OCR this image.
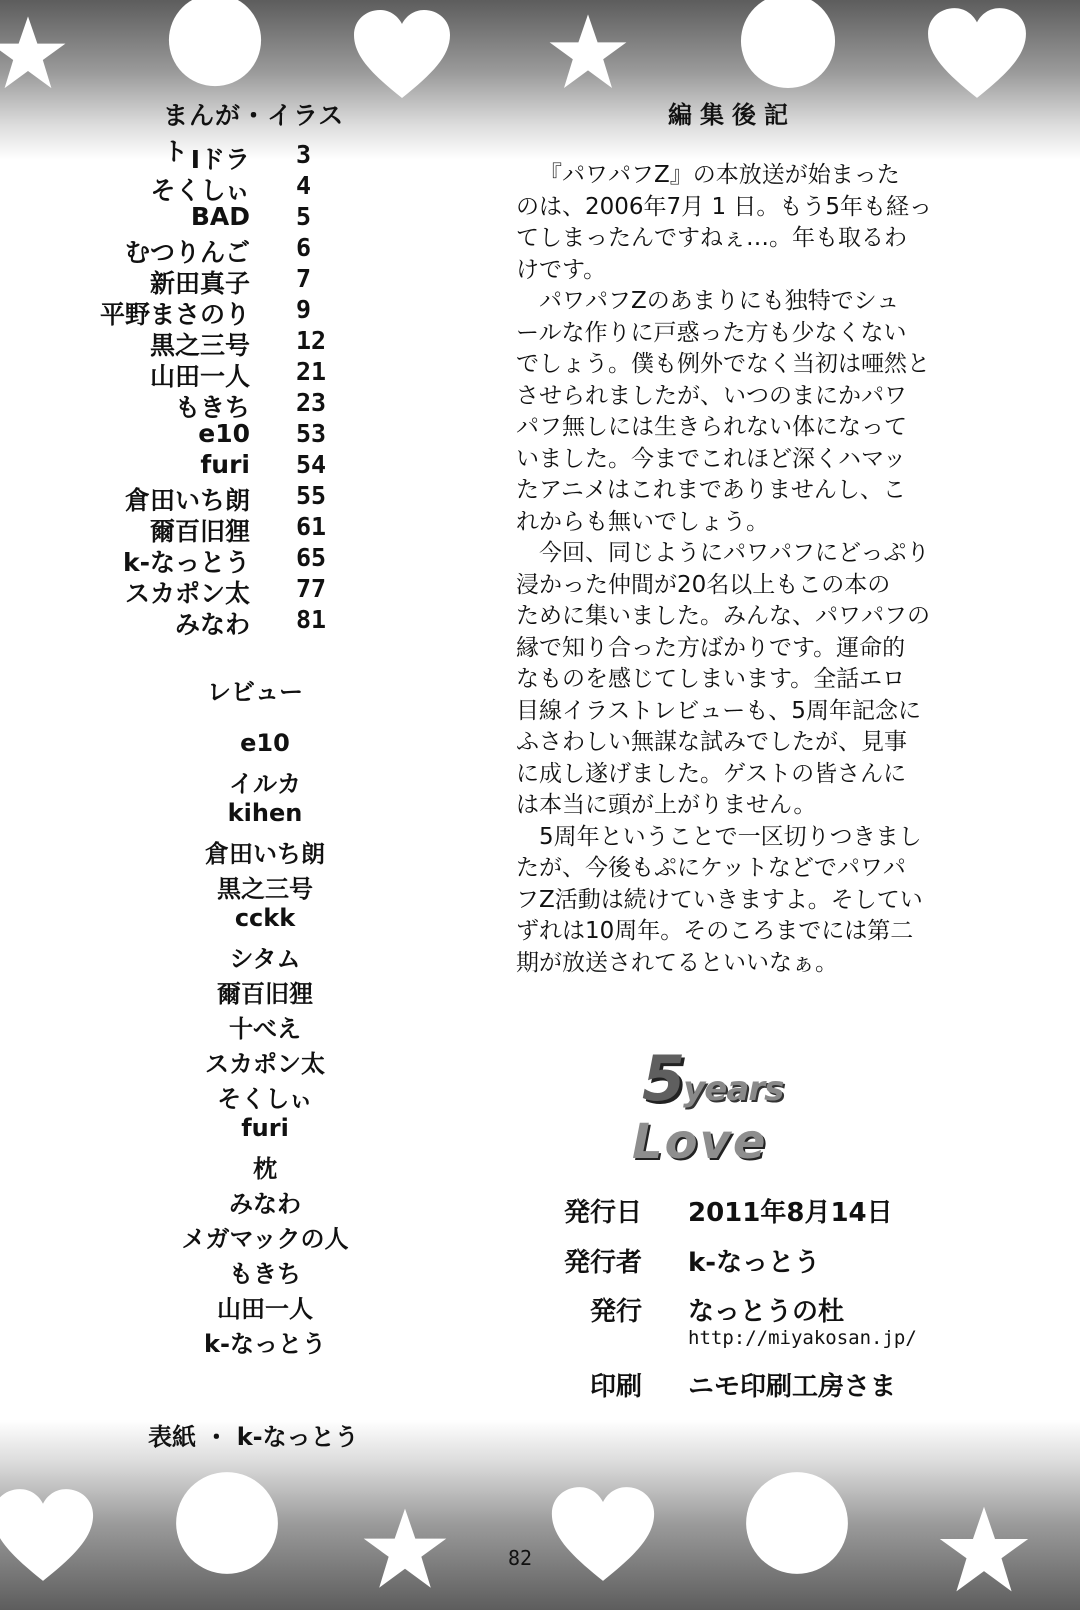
まんが・イラスト Iドラ 3
そくしぃ 4
BAD 5
むつりんご 6
新田真子 7
平野まさのり 9
黒之三号 12
山田一人 21
もきち 23
e10 53
furi 54
倉田いち朗 55
爾百旧狸 61
k-なっとう 65
スカポン太 77
みなわ 81
レビュー
e10
イルカ
kihen
倉田いち朗
黒之三号
cckk
シタム
爾百旧狸
十べえ
スカポン太
そくしぃ
furi
枕
みなわ
メガマックの人
もきち
山田一人
k-なっとう
表紙 ・ k-なっとう
編集後記

『パワパフZ』の本放送が始まった
のは、2006年7月 1 日。もう5年も経っ
てしまったんですねぇ…。年も取るわ
けです。

パワパフZのあまりにも独特でシュ
ールな作りに戸惑った方も少なくない
でしょう。僕も例外でなく当初は唖然と
させられましたが、いつのまにかパワ
パフ無しには生きられない体になって
いました。今までこれほど深くハマッ
たアニメはこれまでありませんし、こ
れからも無いでしょう。

今回、同じようにパワパフにどっぷり
浸かった仲間が20名以上もこの本の
ために集いました。みんな、パワパフの
縁で知り合った方ばかりです。運命的
なものを感じてしまいます。全話エロ
目線イラストレビューも、5周年記念に
ふさわしい無謀な試みでしたが、見事
に成し遂げました。ゲストの皆さんに
は本当に頭が上がりません。

5周年ということで一区切りつきまし
たが、今後もぷにケットなどでパワパ
フZ活動は続けていきますよ。そしてい
ずれは10周年。そのころまでには第二
期が放送されてるといいなぁ。

5years
Love
発行日 2011年8月14日
発行者 k-なっとう
発行 なっとうの杜
http://miyakosan.jp/
印刷 ニモ印刷工房さま
82
